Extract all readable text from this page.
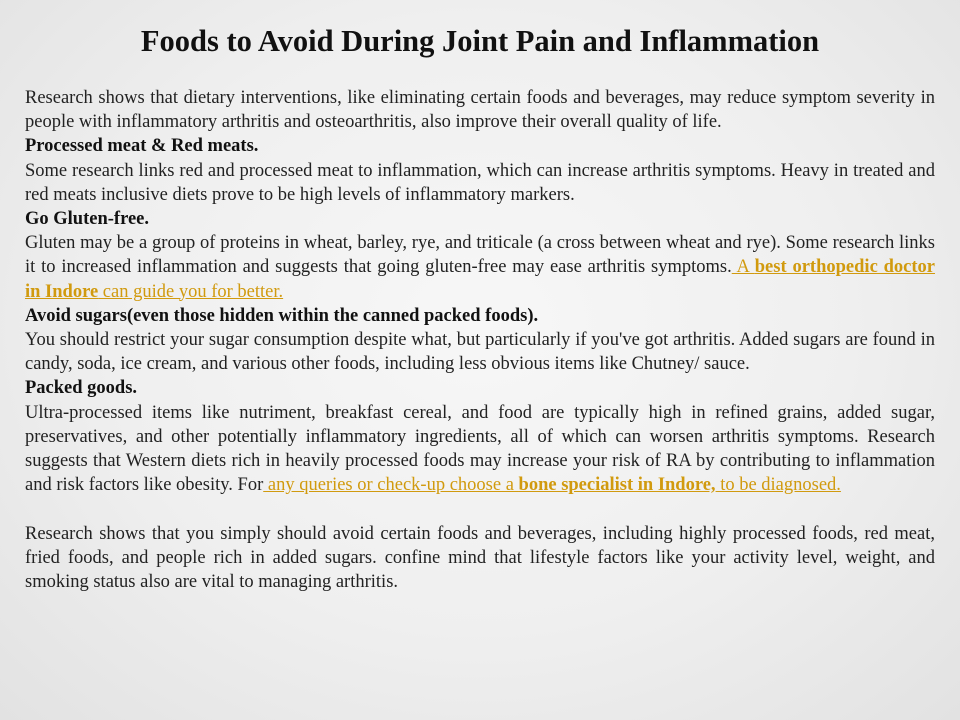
Foods to Avoid During Joint Pain and Inflammation

Research shows that dietary interventions, like eliminating certain foods and beverages, may reduce symptom severity in people with inflammatory arthritis and osteoarthritis, also improve their overall quality of life.

Processed meat & Red meats.

Some research links red and processed meat to inflammation, which can increase arthritis symptoms. Heavy in treated and red meats inclusive diets prove to be high levels of inflammatory markers.

Go Gluten-free.

Gluten may be a group of proteins in wheat, barley, rye, and triticale (a cross between wheat and rye). Some research links it to increased inflammation and suggests that going gluten-free may ease arthritis symptoms. A best orthopedic doctor in Indore can guide you for better.

Avoid sugars(even those hidden within the canned packed foods).

You should restrict your sugar consumption despite what, but particularly if you've got arthritis. Added sugars are found in candy, soda, ice cream, and various other foods, including less obvious items like Chutney/ sauce.

Packed goods.

Ultra-processed items like nutriment, breakfast cereal, and food are typically high in refined grains, added sugar, preservatives, and other potentially inflammatory ingredients, all of which can worsen arthritis symptoms. Research suggests that Western diets rich in heavily processed foods may increase your risk of RA by contributing to inflammation and risk factors like obesity. For any queries or check-up choose a bone specialist in Indore, to be diagnosed.

Research shows that you simply should avoid certain foods and beverages, including highly processed foods, red meat, fried foods, and people rich in added sugars. confine mind that lifestyle factors like your activity level, weight, and smoking status also are vital to managing arthritis.
